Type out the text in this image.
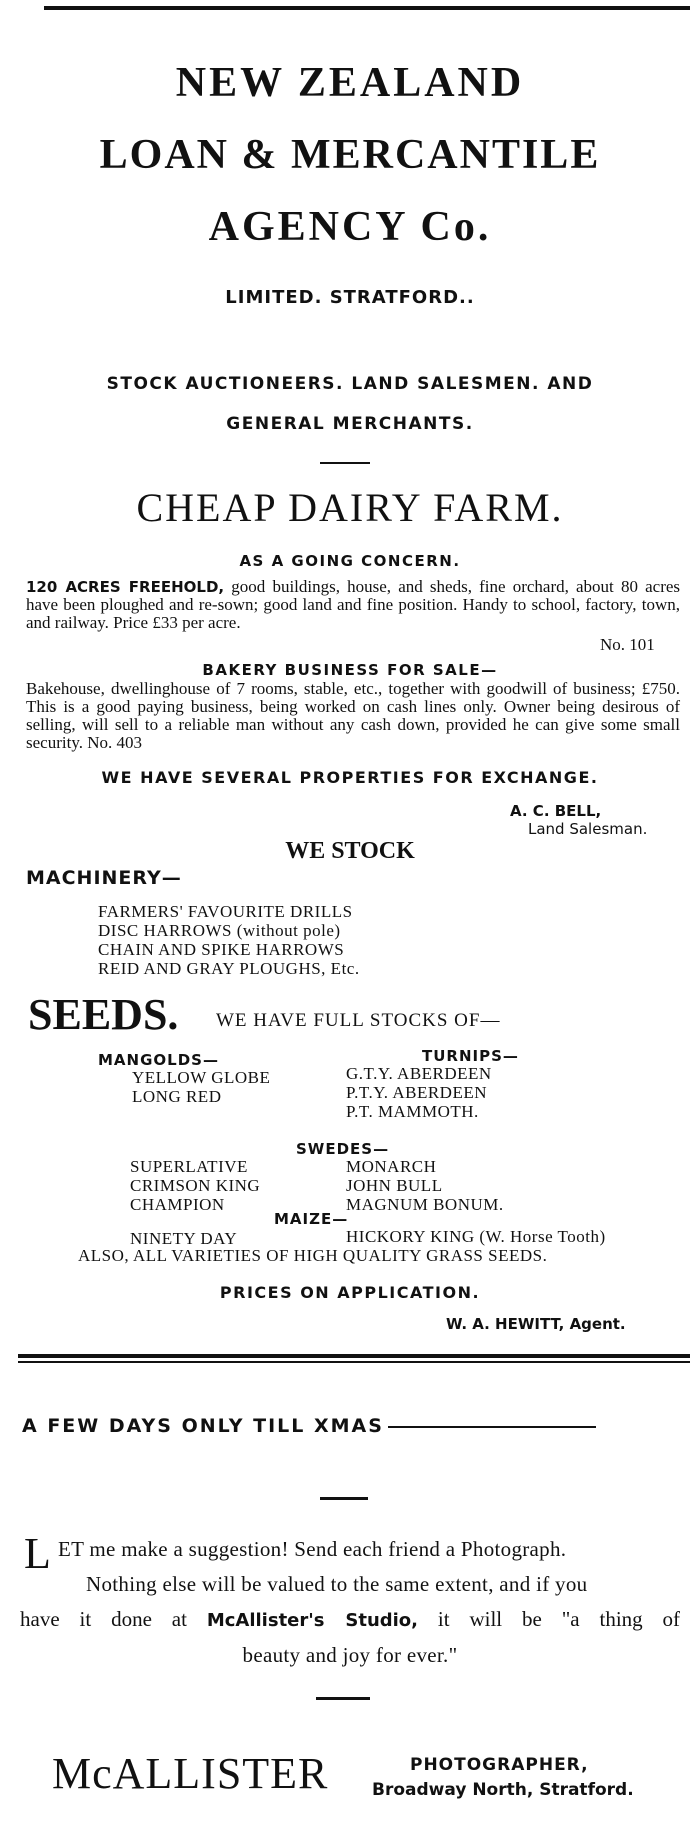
NEW ZEALAND
LOAN & MERCANTILE
AGENCY Co.
LIMITED. STRATFORD..
STOCK AUCTIONEERS. LAND SALESMEN. AND
GENERAL MERCHANTS.
CHEAP DAIRY FARM.
AS A GOING CONCERN.
120 ACRES FREEHOLD, good buildings, house, and sheds, fine orchard, about 80 acres have been ploughed and re-sown; good land and fine position. Handy to school, factory, town, and railway. Price £33 per acre.
No. 101
BAKERY BUSINESS FOR SALE—
Bakehouse, dwellinghouse of 7 rooms, stable, etc., together with goodwill of business; £750. This is a good paying business, being worked on cash lines only. Owner being desirous of selling, will sell to a reliable man without any cash down, provided he can give some small security. No. 403
WE HAVE SEVERAL PROPERTIES FOR EXCHANGE.
A. C. BELL,
Land Salesman.
WE STOCK
MACHINERY—
FARMERS' FAVOURITE DRILLS
DISC HARROWS (without pole)
CHAIN AND SPIKE HARROWS
REID AND GRAY PLOUGHS, Etc.
SEEDS. WE HAVE FULL STOCKS OF—
MANGOLDS—
YELLOW GLOBE
LONG RED
TURNIPS—
G.T.Y. ABERDEEN
P.T.Y. ABERDEEN
P.T. MAMMOTH.
SWEDES—
SUPERLATIVE
CRIMSON KING
CHAMPION
MONARCH
JOHN BULL
MAGNUM BONUM.
MAIZE—
NINETY DAY	HICKORY KING (W. Horse Tooth)
ALSO, ALL VARIETIES OF HIGH QUALITY GRASS SEEDS.
PRICES ON APPLICATION.
W. A. HEWITT, Agent.
A FEW DAYS ONLY TILL XMAS
L ET me make a suggestion! Send each friend a Photograph.
Nothing else will be valued to the same extent, and if you
have it done at McAllister's Studio, it will be "a thing of
beauty and joy for ever."
McALLISTER	PHOTOGRAPHER,
Broadway North, Stratford.
